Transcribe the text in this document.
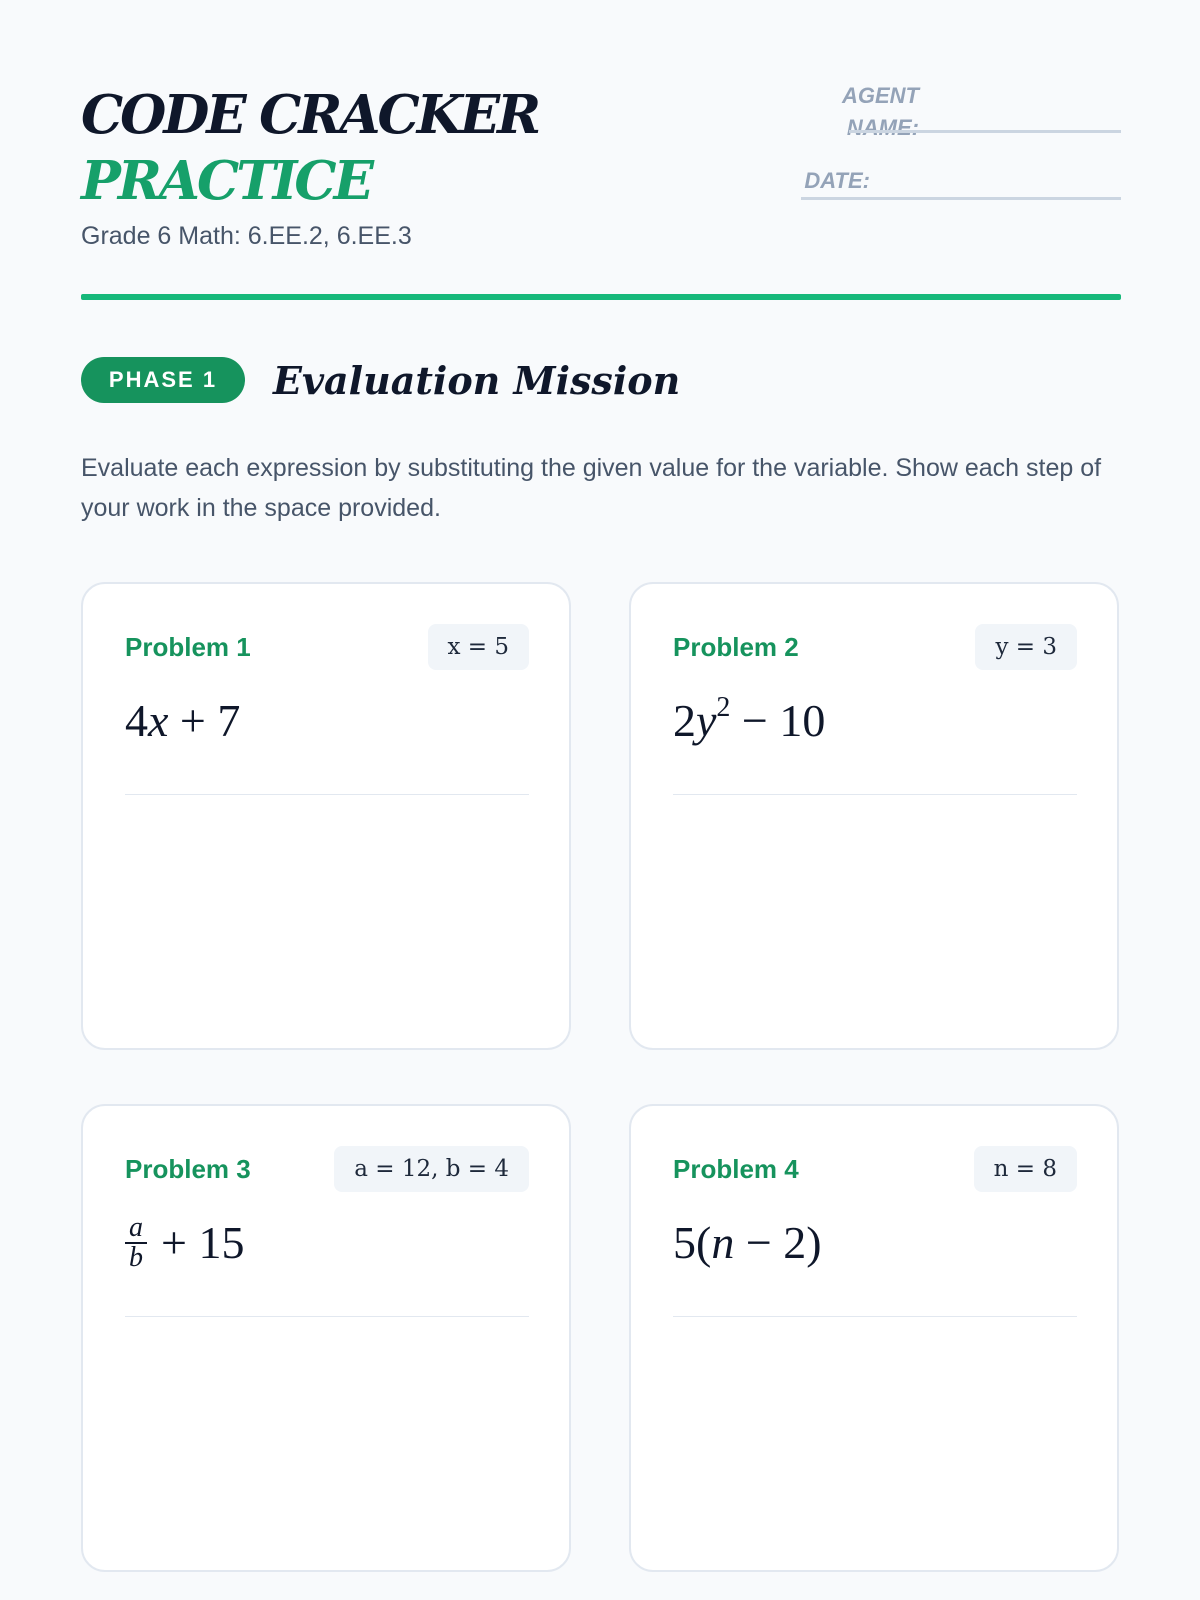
CODE CRACKER
PRACTICE
Grade 6 Math: 6.EE.2, 6.EE.3
AGENT
NAME:
DATE:
PHASE 1	Evaluation Mission
Evaluate each expression by substituting the given value for the variable. Show each step of your work in the space provided.
Problem 1	x = 5
4x + 7
Problem 2	y = 3
$2y^2 - 10$
Problem 3	a = 12, b = 4
$\frac{a}{b} + 15$
Problem 4	n = 8
5(n − 2)
